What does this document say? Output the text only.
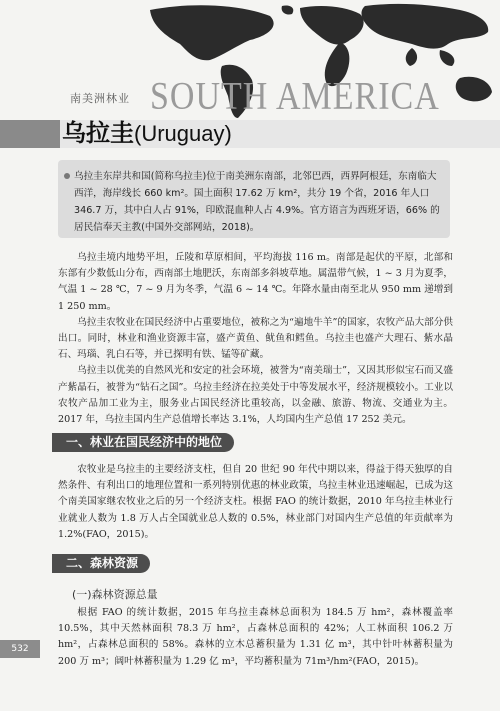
南美洲林业 SOUTH AMERICA
乌拉圭(Uruguay)
乌拉圭东岸共和国(简称乌拉圭)位于南美洲东南部，北邻巴西，西界阿根廷，东南临大西洋，海岸线长 660 km²。国土面积 17.62 万 km²，共分 19 个省，2016 年人口 346.7 万，其中白人占 91%，印欧混血种人占 4.9%。官方语言为西班牙语，66% 的居民信奉天主教(中国外交部网站，2018)。

乌拉圭境内地势平坦，丘陵和草原相间，平均海拔 116 m。南部是起伏的平原，北部和东部有少数低山分布，西南部土地肥沃，东南部多斜坡草地。属温带气候，1 ~ 3 月为夏季，气温 1 ~ 28 ℃，7 ~ 9 月为冬季，气温 6 ~ 14 ℃。年降水量由南至北从 950 mm 递增到 1 250 mm。

乌拉圭农牧业在国民经济中占重要地位，被称之为“遍地牛羊”的国家，农牧产品大部分供出口。同时，林业和渔业资源丰富，盛产黄鱼、鱿鱼和鳕鱼。乌拉圭也盛产大理石、紫水晶石、玛瑙、乳白石等，并已探明有铁、锰等矿藏。

乌拉圭以优美的自然风光和安定的社会环境，被誉为“南美瑞士”，又因其形似宝石而又盛产紫晶石，被誉为“钻石之国”。乌拉圭经济在拉美处于中等发展水平，经济规模较小。工业以农牧产品加工业为主，服务业占国民经济比重较高，以金融、旅游、物流、交通业为主。2017 年，乌拉圭国内生产总值增长率达 3.1%，人均国内生产总值 17 252 美元。

一、林业在国民经济中的地位

农牧业是乌拉圭的主要经济支柱，但自 20 世纪 90 年代中期以来，得益于得天独厚的自然条件、有利出口的地理位置和一系列特别优惠的林业政策，乌拉圭林业迅速崛起，已成为这个南美国家继农牧业之后的另一个经济支柱。根据 FAO 的统计数据，2010 年乌拉圭林业行业就业人数为 1.8 万人占全国就业总人数的 0.5%，林业部门对国内生产总值的年贡献率为 1.2%(FAO，2015)。

二、森林资源
(一)森林资源总量

根据 FAO 的统计数据，2015 年乌拉圭森林总面积为 184.5 万 hm²，森林覆盖率 10.5%，其中天然林面积 78.3 万 hm²，占森林总面积的 42%；人工林面积 106.2 万 hm²，占森林总面积的 58%。森林的立木总蓄积量为 1.31 亿 m³，其中针叶林蓄积量为 200 万 m³；阔叶林蓄积量为 1.29 亿 m³，平均蓄积量为 71m³/hm²(FAO，2015)。

532
